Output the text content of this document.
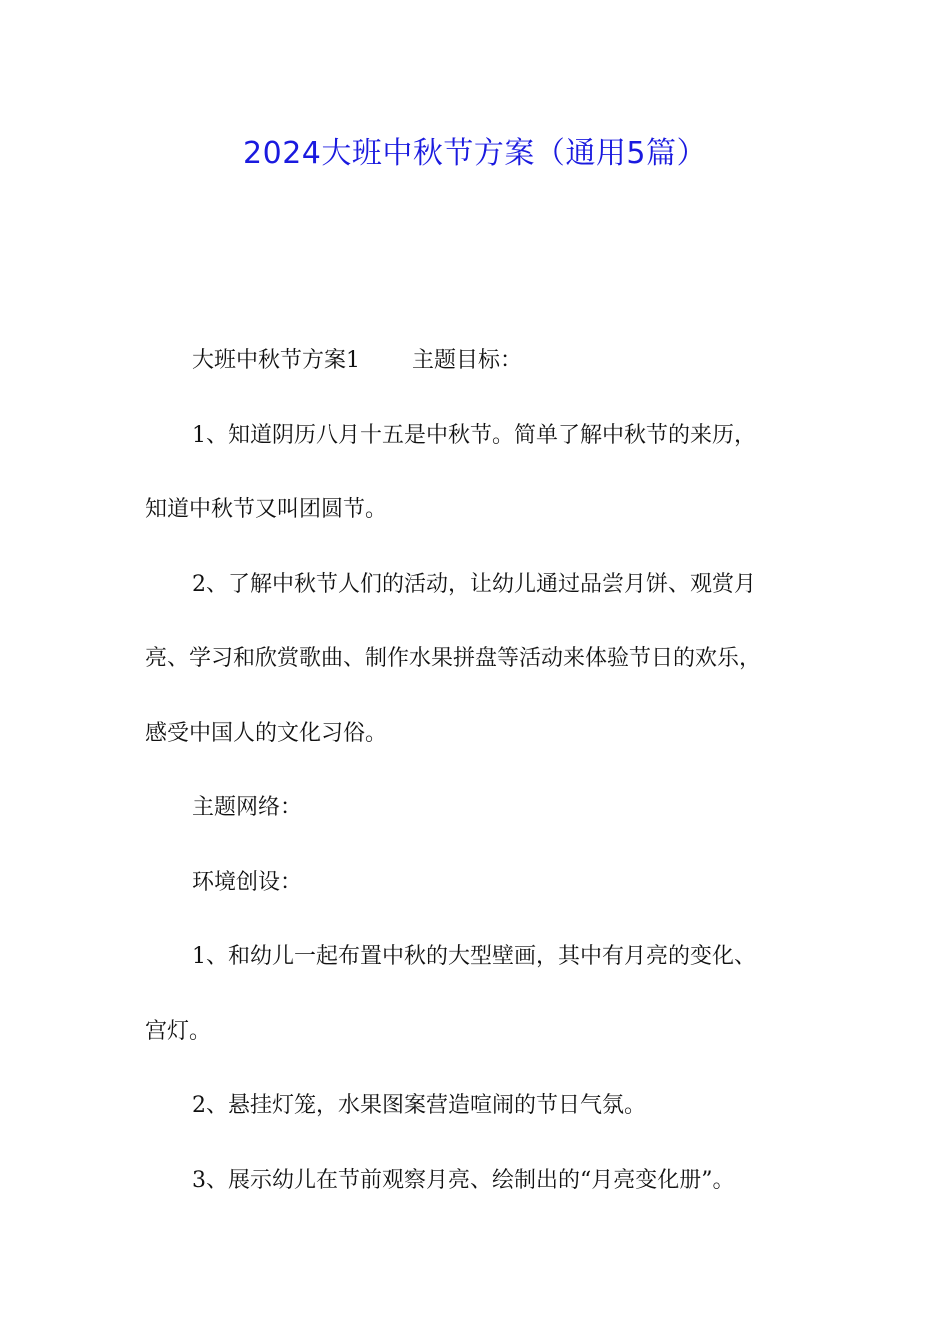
2024大班中秋节方案（通用5篇）
大班中秋节方案1 主题目标：
1、知道阴历八月十五是中秋节。简单了解中秋节的来历，
知道中秋节又叫团圆节。
2、了解中秋节人们的活动，让幼儿通过品尝月饼、观赏月
亮、学习和欣赏歌曲、制作水果拼盘等活动来体验节日的欢乐，
感受中国人的文化习俗。
主题网络：
环境创设：
1、和幼儿一起布置中秋的大型壁画，其中有月亮的变化、
宫灯。
2、悬挂灯笼，水果图案营造喧闹的节日气氛。
3、展示幼儿在节前观察月亮、绘制出的“月亮变化册”。
